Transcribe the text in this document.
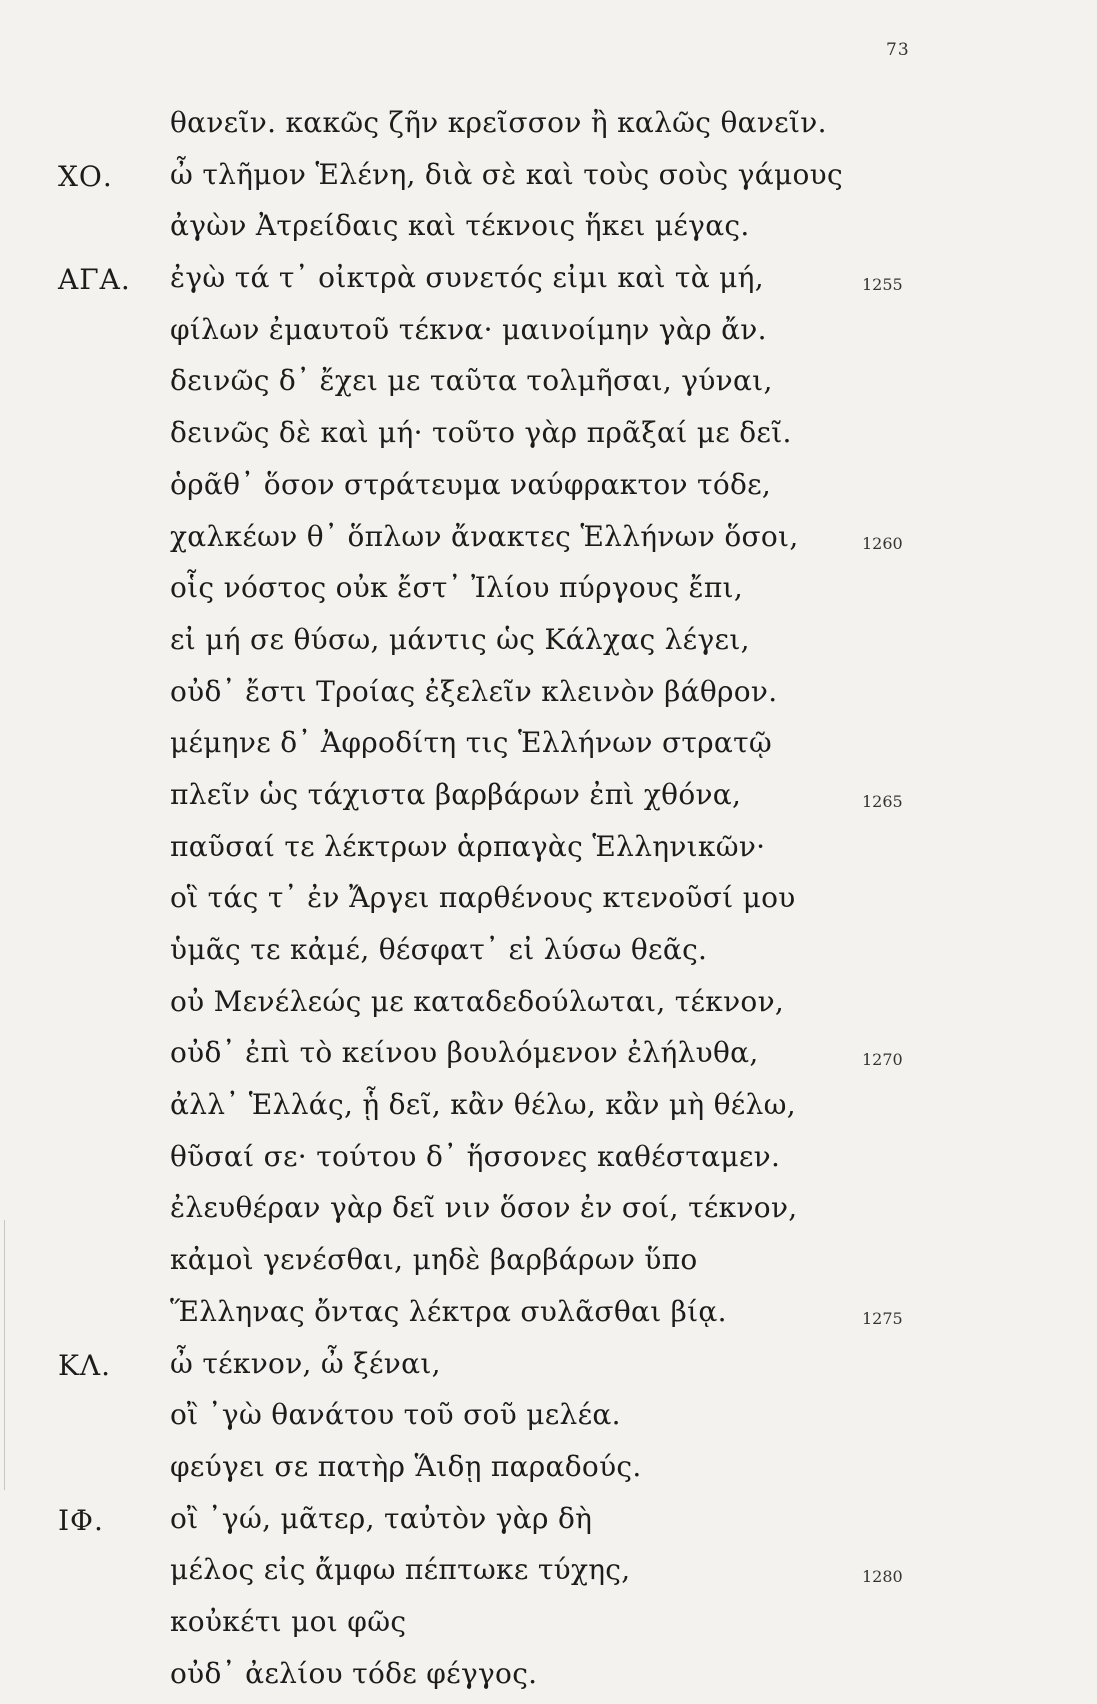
73
θανεῖν. κακῶς ζῆν κρεῖσσον ἢ καλῶς θανεῖν.
ΧΟ. ὦ τλῆμον Ἑλένη, διὰ σὲ καὶ τοὺς σοὺς γάμους
ἀγὼν Ἀτρείδαις καὶ τέκνοις ἥκει μέγας.
ΑΓΑ. ἐγὼ τά τ᾽ οἰκτρὰ συνετός εἰμι καὶ τὰ μή,	1255
φίλων ἐμαυτοῦ τέκνα· μαινοίμην γὰρ ἄν.
δεινῶς δ᾽ ἔχει με ταῦτα τολμῆσαι, γύναι,
δεινῶς δὲ καὶ μή· τοῦτο γὰρ πρᾶξαί με δεῖ.
ὁρᾶθ᾽ ὅσον στράτευμα ναύφρακτον τόδε,
χαλκέων θ᾽ ὅπλων ἄνακτες Ἑλλήνων ὅσοι,	1260
οἷς νόστος οὐκ ἔστ᾽ Ἰλίου πύργους ἔπι,
εἰ μή σε θύσω, μάντις ὡς Κάλχας λέγει,
οὐδ᾽ ἔστι Τροίας ἐξελεῖν κλεινὸν βάθρον.
μέμηνε δ᾽ Ἀφροδίτη τις Ἑλλήνων στρατῷ
πλεῖν ὡς τάχιστα βαρβάρων ἐπὶ χθόνα,	1265
παῦσαί τε λέκτρων ἁρπαγὰς Ἑλληνικῶν·
οἳ τάς τ᾽ ἐν Ἄργει παρθένους κτενοῦσί μου
ὑμᾶς τε κἀμέ, θέσφατ᾽ εἰ λύσω θεᾶς.
οὐ Μενέλεώς με καταδεδούλωται, τέκνον,
οὐδ᾽ ἐπὶ τὸ κείνου βουλόμενον ἐλήλυθα,	1270
ἀλλ᾽ Ἑλλάς, ᾗ δεῖ, κἂν θέλω, κἂν μὴ θέλω,
θῦσαί σε· τούτου δ᾽ ἥσσονες καθέσταμεν.
ἐλευθέραν γὰρ δεῖ νιν ὅσον ἐν σοί, τέκνον,
κἀμοὶ γενέσθαι, μηδὲ βαρβάρων ὕπο
Ἕλληνας ὄντας λέκτρα συλᾶσθαι βίᾳ.	1275
ΚΛ. ὦ τέκνον, ὦ ξέναι,
οἲ ᾽γὼ θανάτου τοῦ σοῦ μελέα.
φεύγει σε πατὴρ Ἅιδῃ παραδούς.
ΙΦ. οἲ ᾽γώ, μᾶτερ, ταὐτὸν γὰρ δὴ
μέλος εἰς ἄμφω πέπτωκε τύχης,	1280
κοὐκέτι μοι φῶς
οὐδ᾽ ἀελίου τόδε φέγγος.
